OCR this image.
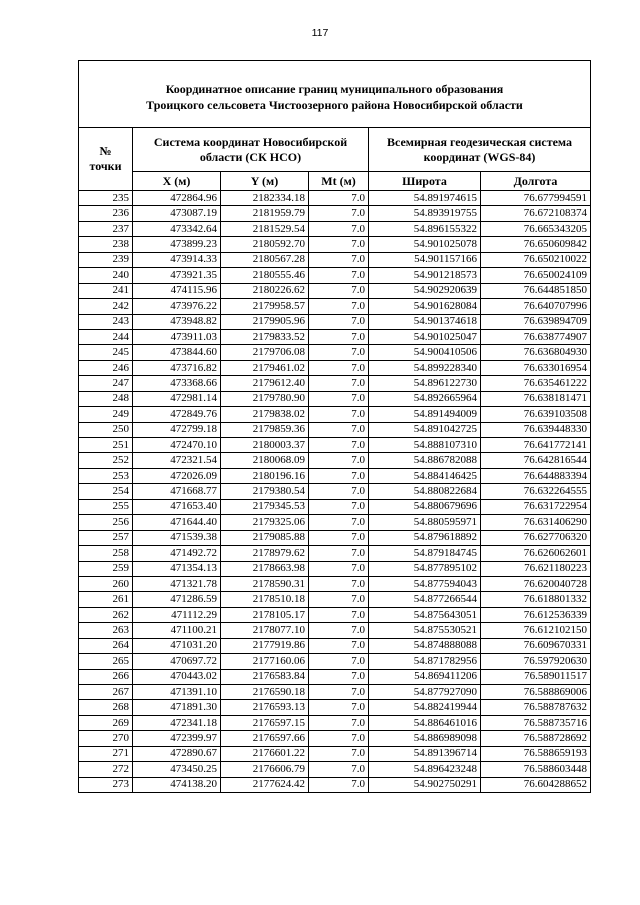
117
Координатное описание границ муниципального образования
Троицкого сельсовета Чистоозерного района Новосибирской области					

№
точки	Система координат Новосибирской области (СК НСО)			Всемирная геодезическая система координат (WGS-84)	
	X (м)	Y (м)	Mt (м)	Широта	Долгота
235	472864.96	2182334.18	7.0	54.891974615	76.677994591
236	473087.19	2181959.79	7.0	54.893919755	76.672108374
237	473342.64	2181529.54	7.0	54.896155322	76.665343205
238	473899.23	2180592.70	7.0	54.901025078	76.650609842
239	473914.33	2180567.28	7.0	54.901157166	76.650210022
240	473921.35	2180555.46	7.0	54.901218573	76.650024109
241	474115.96	2180226.62	7.0	54.902920639	76.644851850
242	473976.22	2179958.57	7.0	54.901628084	76.640707996
243	473948.82	2179905.96	7.0	54.901374618	76.639894709
244	473911.03	2179833.52	7.0	54.901025047	76.638774907
245	473844.60	2179706.08	7.0	54.900410506	76.636804930
246	473716.82	2179461.02	7.0	54.899228340	76.633016954
247	473368.66	2179612.40	7.0	54.896122730	76.635461222
248	472981.14	2179780.90	7.0	54.892665964	76.638181471
249	472849.76	2179838.02	7.0	54.891494009	76.639103508
250	472799.18	2179859.36	7.0	54.891042725	76.639448330
251	472470.10	2180003.37	7.0	54.888107310	76.641772141
252	472321.54	2180068.09	7.0	54.886782088	76.642816544
253	472026.09	2180196.16	7.0	54.884146425	76.644883394
254	471668.77	2179380.54	7.0	54.880822684	76.632264555
255	471653.40	2179345.53	7.0	54.880679696	76.631722954
256	471644.40	2179325.06	7.0	54.880595971	76.631406290
257	471539.38	2179085.88	7.0	54.879618892	76.627706320
258	471492.72	2178979.62	7.0	54.879184745	76.626062601
259	471354.13	2178663.98	7.0	54.877895102	76.621180223
260	471321.78	2178590.31	7.0	54.877594043	76.620040728
261	471286.59	2178510.18	7.0	54.877266544	76.618801332
262	471112.29	2178105.17	7.0	54.875643051	76.612536339
263	471100.21	2178077.10	7.0	54.875530521	76.612102150
264	471031.20	2177919.86	7.0	54.874888088	76.609670331
265	470697.72	2177160.06	7.0	54.871782956	76.597920630
266	470443.02	2176583.84	7.0	54.869411206	76.589011517
267	471391.10	2176590.18	7.0	54.877927090	76.588869006
268	471891.30	2176593.13	7.0	54.882419944	76.588787632
269	472341.18	2176597.15	7.0	54.886461016	76.588735716
270	472399.97	2176597.66	7.0	54.886989098	76.588728692
271	472890.67	2176601.22	7.0	54.891396714	76.588659193
272	473450.25	2176606.79	7.0	54.896423248	76.588603448
273	474138.20	2177624.42	7.0	54.902750291	76.604288652
